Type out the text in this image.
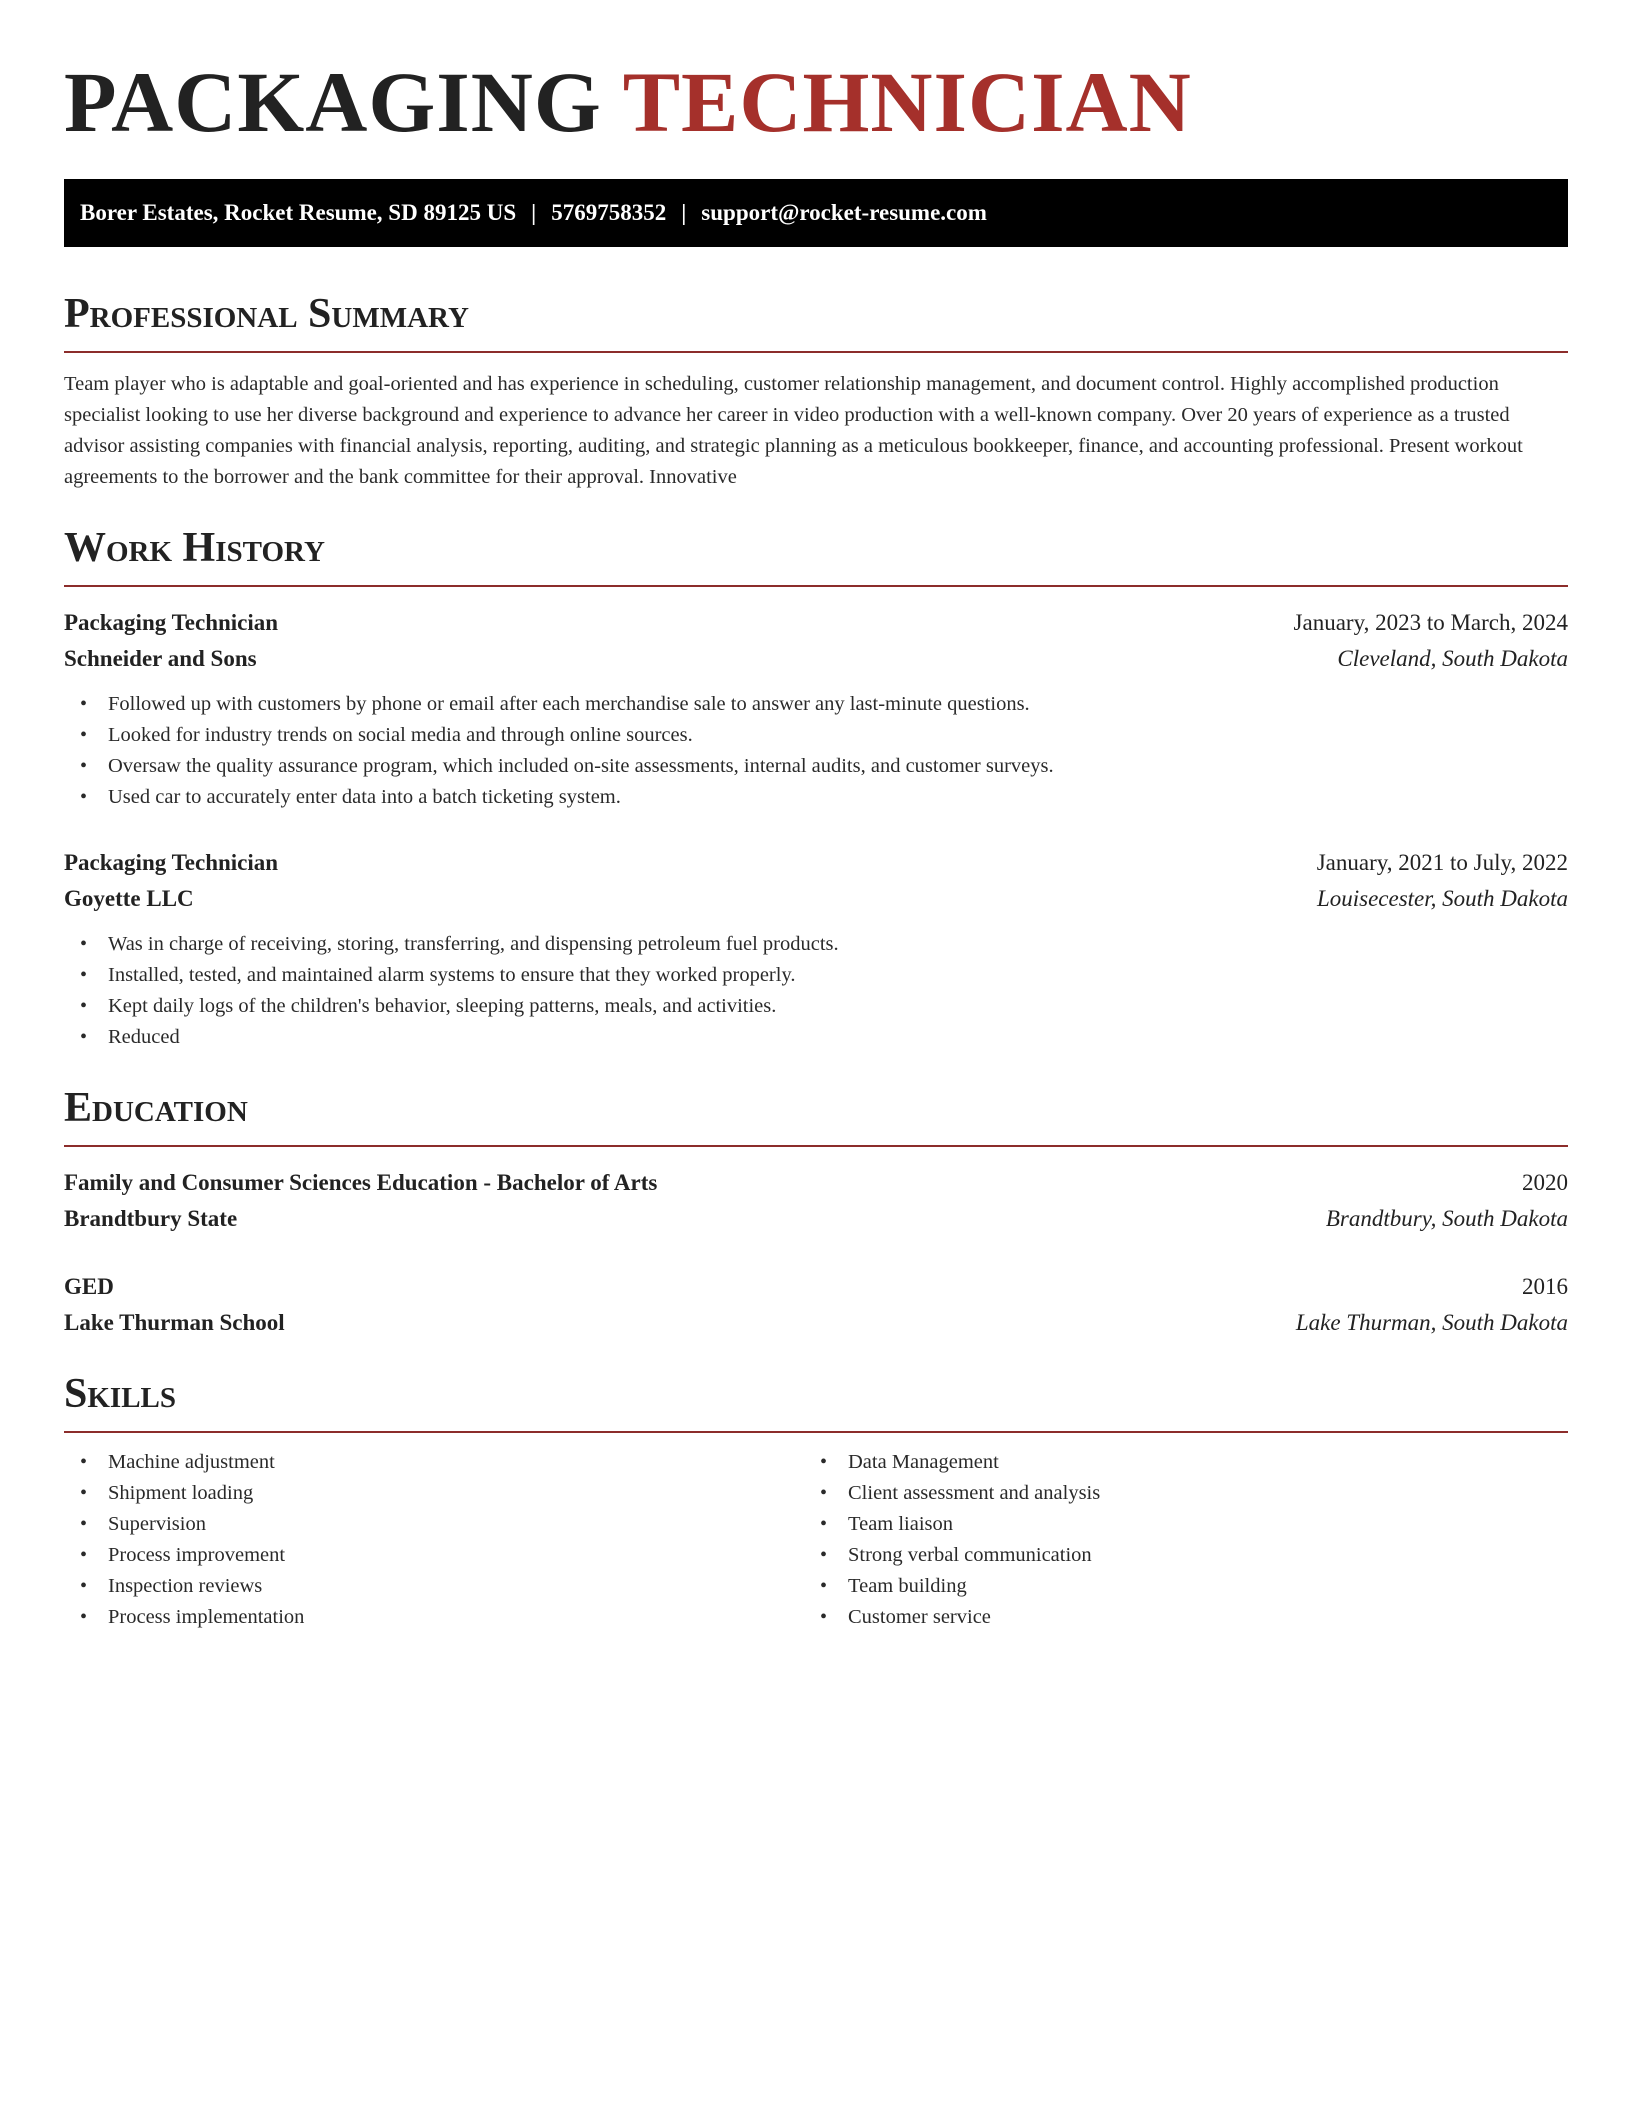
PACKAGING TECHNICIAN
Borer Estates, Rocket Resume, SD 89125 US | 5769758352 | support@rocket-resume.com
Professional Summary

Team player who is adaptable and goal-oriented and has experience in scheduling, customer relationship management, and document control. Highly accomplished production specialist looking to use her diverse background and experience to advance her career in video production with a well-known company. Over 20 years of experience as a trusted advisor assisting companies with financial analysis, reporting, auditing, and strategic planning as a meticulous bookkeeper, finance, and accounting professional. Present workout agreements to the borrower and the bank committee for their approval. Innovative

Work History
Packaging Technician	January, 2023 to March, 2024
Schneider and Sons	Cleveland, South Dakota
• Followed up with customers by phone or email after each merchandise sale to answer any last-minute questions.
• Looked for industry trends on social media and through online sources.
• Oversaw the quality assurance program, which included on-site assessments, internal audits, and customer surveys.
• Used car to accurately enter data into a batch ticketing system.
Packaging Technician	January, 2021 to July, 2022
Goyette LLC	Louisecester, South Dakota
• Was in charge of receiving, storing, transferring, and dispensing petroleum fuel products.
• Installed, tested, and maintained alarm systems to ensure that they worked properly.
• Kept daily logs of the children's behavior, sleeping patterns, meals, and activities.
• Reduced
Education
Family and Consumer Sciences Education - Bachelor of Arts	2020
Brandtbury State	Brandtbury, South Dakota
GED	2016
Lake Thurman School	Lake Thurman, South Dakota
Skills
• Machine adjustment
• Shipment loading
• Supervision
• Process improvement
• Inspection reviews
• Process implementation
• Data Management
• Client assessment and analysis
• Team liaison
• Strong verbal communication
• Team building
• Customer service
